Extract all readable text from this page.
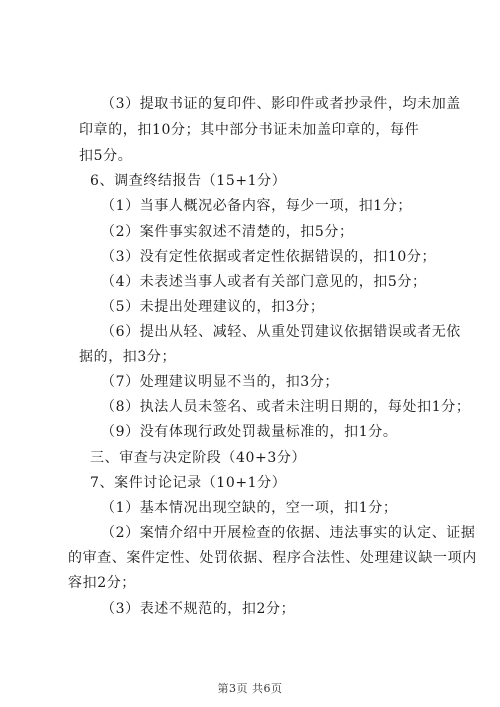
（3）提取书证的复印件、影印件或者抄录件，均未加盖
印章的，扣10分；其中部分书证未加盖印章的，每件
扣5分。
6、调查终结报告（15+1分）
（1）当事人概况必备内容，每少一项，扣1分；
（2）案件事实叙述不清楚的，扣5分；
（3）没有定性依据或者定性依据错误的，扣10分；
（4）未表述当事人或者有关部门意见的，扣5分；
（5）未提出处理建议的，扣3分；
（6）提出从轻、减轻、从重处罚建议依据错误或者无依
据的，扣3分；
（7）处理建议明显不当的，扣3分；
（8）执法人员未签名、或者未注明日期的，每处扣1分；
（9）没有体现行政处罚裁量标准的，扣1分。
三、审查与决定阶段（40+3分）
7、案件讨论记录（10+1分）
（1）基本情况出现空缺的，空一项，扣1分；
（2）案情介绍中开展检查的依据、违法事实的认定、证据
的审查、案件定性、处罚依据、程序合法性、处理建议缺一项内
容扣2分；
（3）表述不规范的，扣2分；
第3页 共6页
